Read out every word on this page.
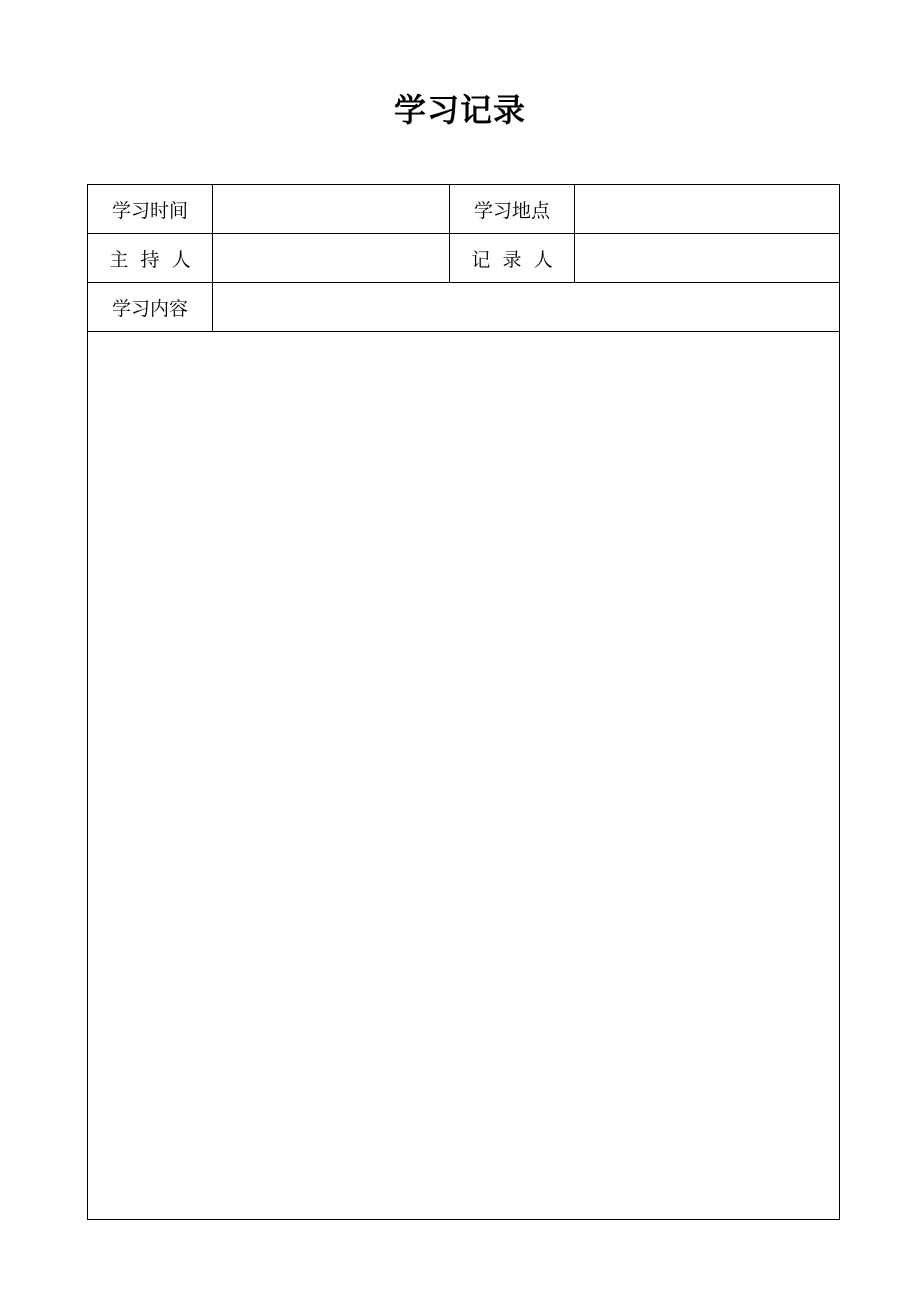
学习记录
学习时间		学习地点	
主  持  人		记  录  人	
学习内容			
